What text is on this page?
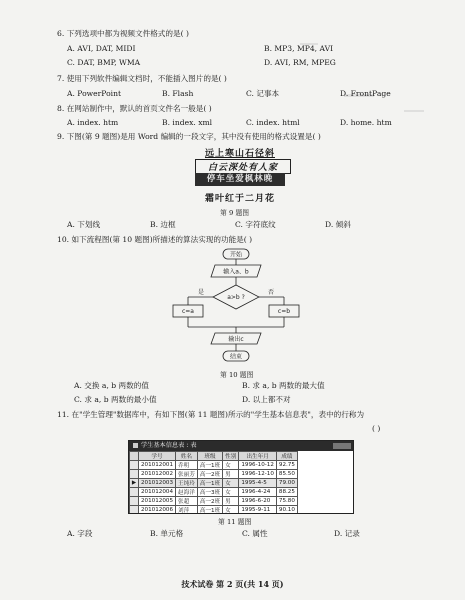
6. 下列选项中都为视频文件格式的是( )
A. AVI, DAT, MIDI	B. MP3, MP4, AVI
C. DAT, BMP, WMA	D. AVI, RM, MPEG
7. 使用下列软件编辑文档时，不能插入图片的是( )
A. PowerPoint	B. Flash	C. 记事本	D. FrontPage
8. 在网站制作中，默认的首页文件名一般是( )
A. index. htm	B. index. xml	C. index. html	D. home. htm
9. 下图(第 9 题图)是用 Word 编辑的一段文字，其中没有使用的格式设置是( )
远上寒山石径斜
白云深处有人家
停车坐爱枫林晚
霜叶红于二月花
第 9 题图
A. 下划线	B. 边框	C. 字符底纹	D. 倾斜
10. 如下流程图(第 10 题图)所描述的算法实现的功能是( )
开始
输入a、b
a>b ?
是	否
c=a	c=b
输出c
结束
第 10 题图
A. 交换 a, b 两数的值	B. 求 a, b 两数的最大值
C. 求 a, b 两数的最小值	D. 以上都不对
11. 在"学生管理"数据库中，有如下图(第 11 题图)所示的"学生基本信息表"，表中的行称为
( )
学生基本信息表 : 表
	学号	姓名	班级	性别	出生年月	成绩
	201012001	乔明	高一1班	女	1996-10-12	92.75
	201012002	张丽芳	高一2班	男	1996-12-10	85.50
▶	201012003	王纯玲	高一1班	女	1995-4-5	79.00
	201012004	赵海洋	高一3班	女	1996-4-24	88.25
	201012005	张超	高一2班	男	1996-6-20	75.80
	201012006	刘萍	高一1班	女	1995-9-11	90.10

第 11 题图
A. 字段	B. 单元格	C. 属性	D. 记录
技术试卷 第 2 页(共 14 页)
